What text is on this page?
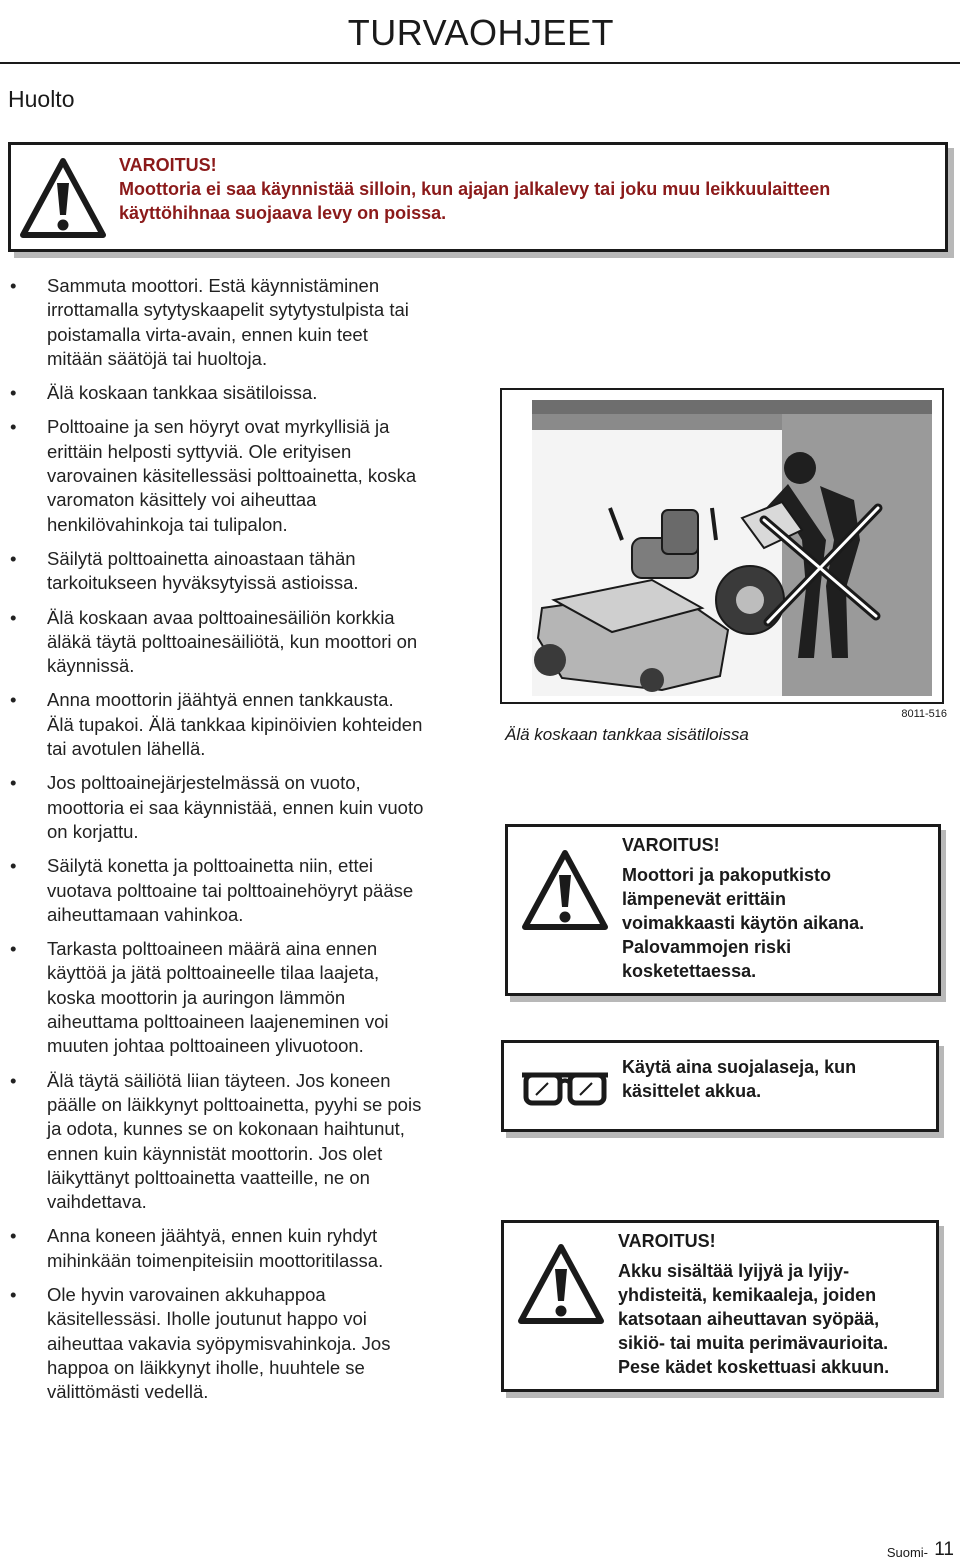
TURVAOHJEET
Huolto
VAROITUS!
Moottoria ei saa käynnistää silloin, kun ajajan jalkalevy tai joku muu leikkuulaitteen käyttöhihnaa suojaava levy on poissa.
• Sammuta moottori. Estä käynnistäminen irrottamalla sytytyskaapelit sytytystulpista tai poistamalla virta-avain, ennen kuin teet mitään säätöjä tai huoltoja.
• Älä koskaan tankkaa sisätiloissa.
• Polttoaine ja sen höyryt ovat myrkyllisiä ja erittäin helposti syttyviä. Ole erityisen varovainen käsitellessäsi polttoainetta, koska varomaton käsittely voi aiheuttaa henkilövahinkoja tai tulipalon.
• Säilytä polttoainetta ainoastaan tähän tarkoitukseen hyväksytyissä astioissa.
• Älä koskaan avaa polttoainesäiliön korkkia äläkä täytä polttoainesäiliötä, kun moottori on käynnissä.
• Anna moottorin jäähtyä ennen tankkausta. Älä tupakoi. Älä tankkaa kipinöivien kohteiden tai avotulen lähellä.
• Jos polttoainejärjestelmässä on vuoto, moottoria ei saa käynnistää, ennen kuin vuoto on korjattu.
• Säilytä konetta ja polttoainetta niin, ettei vuotava polttoaine tai polttoainehöyryt pääse aiheuttamaan vahinkoa.
• Tarkasta polttoaineen määrä aina ennen käyttöä ja jätä polttoaineelle tilaa laajeta, koska moottorin ja auringon lämmön aiheuttama polttoaineen laajeneminen voi muuten johtaa polttoaineen ylivuotoon.
• Älä täytä säiliötä liian täyteen. Jos koneen päälle on läikkynyt polttoainetta, pyyhi se pois ja odota, kunnes se on kokonaan haihtunut, ennen kuin käynnistät moottorin. Jos olet läikyttänyt polttoainetta vaatteille, ne on vaihdettava.
• Anna koneen jäähtyä, ennen kuin ryhdyt mihinkään toimenpiteisiin moottoritilassa.
• Ole hyvin varovainen akkuhappoa käsitellessäsi. Iholle joutunut happo voi aiheuttaa vakavia syöpymisvahinkoja. Jos happoa on läikkynyt iholle, huuhtele se välittömästi vedellä.
Älä koskaan tankkaa sisätiloissa
8011-516
VAROITUS!
Moottori ja pakoputkisto
lämpenevät erittäin
voimakkaasti käytön aikana.
Palovammojen riski
kosketettaessa.
Käytä aina suojalaseja, kun
käsittelet akkua.
VAROITUS!
Akku sisältää lyijyä ja lyijy-
yhdisteitä, kemikaaleja, joiden
katsotaan aiheuttavan syöpää,
sikiö- tai muita perimävaurioita.
Pese kädet koskettuasi akkuun.
Suomi- 11
